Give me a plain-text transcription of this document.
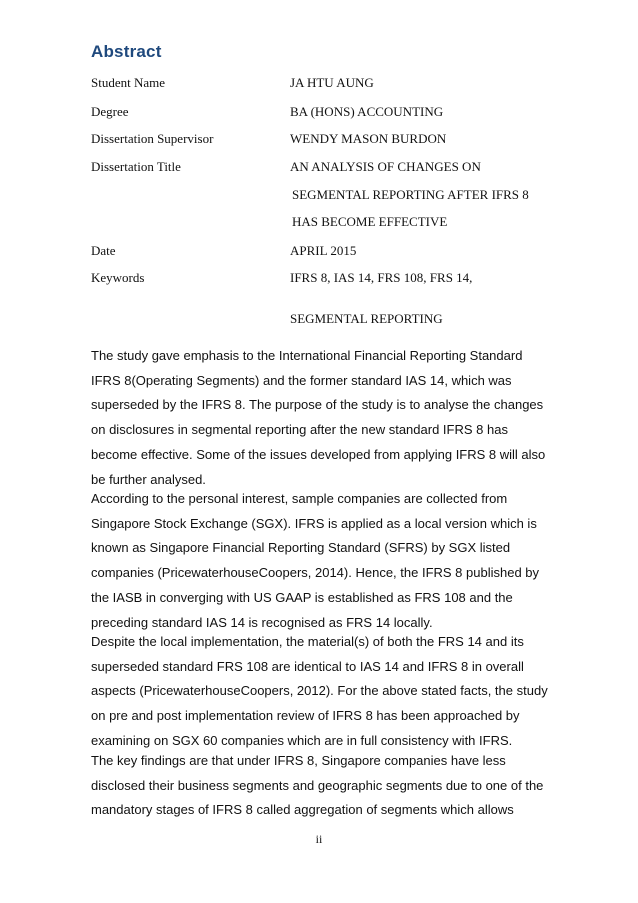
Abstract
Student Name	JA HTU AUNG
Degree	BA (HONS) ACCOUNTING
Dissertation Supervisor	WENDY MASON BURDON
Dissertation Title	AN ANALYSIS OF CHANGES ON
SEGMENTAL REPORTING AFTER IFRS 8
HAS BECOME EFFECTIVE
Date	APRIL 2015
Keywords	IFRS 8, IAS 14, FRS 108, FRS 14,
SEGMENTAL REPORTING
The study gave emphasis to the International Financial Reporting Standard
IFRS 8(Operating Segments) and the former standard IAS 14, which was
superseded by the IFRS 8. The purpose of the study is to analyse the changes
on disclosures in segmental reporting after the new standard IFRS 8 has
become effective. Some of the issues developed from applying IFRS 8 will also
be further analysed.
According to the personal interest, sample companies are collected from
Singapore Stock Exchange (SGX). IFRS is applied as a local version which is
known as Singapore Financial Reporting Standard (SFRS) by SGX listed
companies (PricewaterhouseCoopers, 2014). Hence, the IFRS 8 published by
the IASB in converging with US GAAP is established as FRS 108 and the
preceding standard IAS 14 is recognised as FRS 14 locally.
Despite the local implementation, the material(s) of both the FRS 14 and its
superseded standard FRS 108 are identical to IAS 14 and IFRS 8 in overall
aspects (PricewaterhouseCoopers, 2012). For the above stated facts, the study
on pre and post implementation review of IFRS 8 has been approached by
examining on SGX 60 companies which are in full consistency with IFRS.
The key findings are that under IFRS 8, Singapore companies have less
disclosed their business segments and geographic segments due to one of the
mandatory stages of IFRS 8 called aggregation of segments which allows
ii
